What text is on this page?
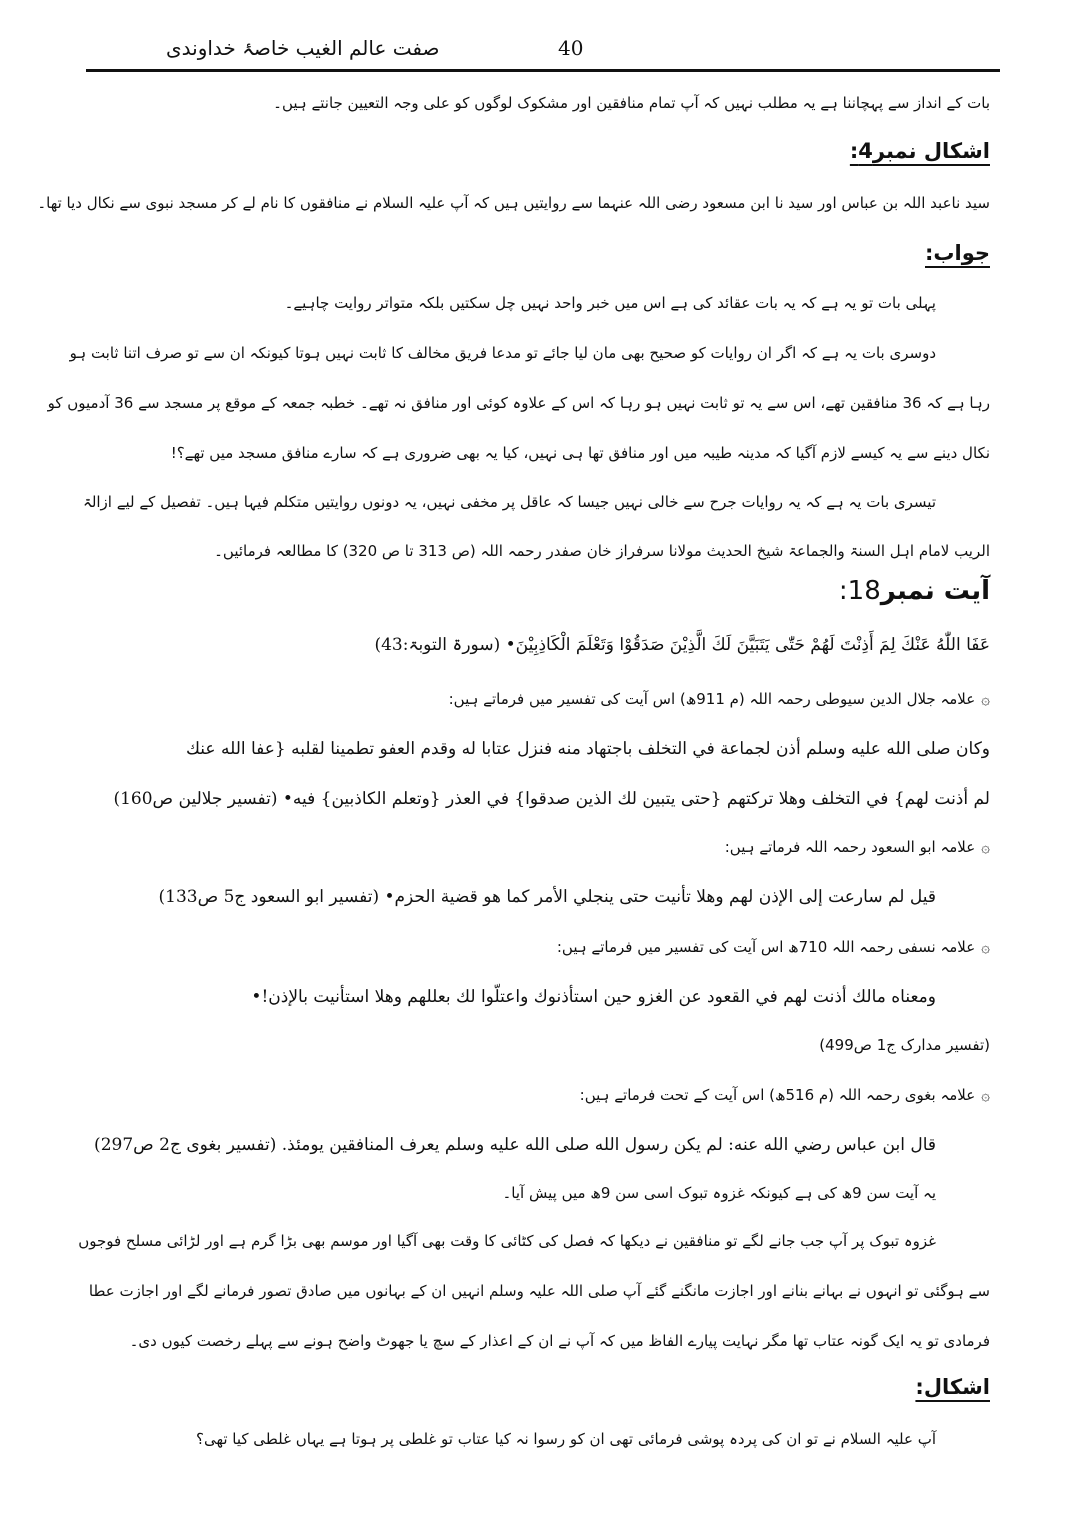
صفت عالم الغیب خاصۂ خداوندی	40
بات کے انداز سے پہچاننا ہے یہ مطلب نہیں کہ آپ تمام منافقین اور مشکوک لوگوں کو علی وجہ التعیین جانتے ہیں۔
اشکال نمبر4:
سید ناعبد اللہ بن عباس اور سید نا ابن مسعود رضی اللہ عنہما سے روایتیں ہیں کہ آپ علیہ السلام نے منافقوں کا نام لے کر مسجد نبوی سے نکال دیا تھا۔
جواب:
پہلی بات تو یہ ہے کہ یہ بات عقائد کی ہے اس میں خبر واحد نہیں چل سکتیں بلکہ متواتر روایت چاہیے۔
دوسری بات یہ ہے کہ اگر ان روایات کو صحیح بھی مان لیا جائے تو مدعا فریق مخالف کا ثابت نہیں ہوتا کیونکہ ان سے تو صرف اتنا ثابت ہو
رہا ہے کہ 36 منافقین تھے، اس سے یہ تو ثابت نہیں ہو رہا کہ اس کے علاوہ کوئی اور منافق نہ تھے۔ خطبہ جمعہ کے موقع پر مسجد سے 36 آدمیوں کو
نکال دینے سے یہ کیسے لازم آگیا کہ مدینہ طیبہ میں اور منافق تھا ہی نہیں، کیا یہ بھی ضروری ہے کہ سارے منافق مسجد میں تھے؟!
تیسری بات یہ ہے کہ یہ روایات جرح سے خالی نہیں جیسا کہ عاقل پر مخفی نہیں، یہ دونوں روایتیں متکلم فیہا ہیں۔ تفصیل کے لیے ازالۃ
الریب لامام اہل السنۃ والجماعۃ شیخ الحدیث مولانا سرفراز خان صفدر رحمہ اللہ (ص 313 تا ص 320) کا مطالعہ فرمائیں۔
آیت نمبر18:
عَفَا اللّٰهُ عَنْكَ لِمَ أَذِنْتَ لَهُمْ حَتّٰى يَتَبَيَّنَ لَكَ الَّذِيْنَ صَدَقُوْا وَتَعْلَمَ الْكَاذِبِيْنَ• (سورۃ التوبۃ:43)
۞علامہ جلال الدین سیوطی رحمہ اللہ (م 911ھ) اس آیت کی تفسیر میں فرماتے ہیں:
وكان صلى الله عليه وسلم أذن لجماعة في التخلف باجتهاد منه فنزل عتابا له وقدم العفو تطمينا لقلبه {عفا الله عنك
لم أذنت لهم} في التخلف وهلا تركتهم {حتى يتبين لك الذين صدقوا} في العذر {وتعلم الكاذبين} فيه• (تفسیر جلالین ص160)
۞علامہ ابو السعود رحمہ اللہ فرماتے ہیں:
قيل لم سارعت إلى الإذن لهم وهلا تأنيت حتى ينجلي الأمر كما هو قضية الحزم• (تفسیر ابو السعود ج5 ص133)
۞علامہ نسفی رحمہ اللہ 710ھ اس آیت کی تفسیر میں فرماتے ہیں:
ومعناه مالك أذنت لهم في القعود عن الغزو حين استأذنوك واعتلّوا لك بعللهم وهلا استأنيت بالإذن!•
(تفسیر مدارک ج1 ص499)
۞علامہ بغوی رحمہ اللہ (م 516ھ) اس آیت کے تحت فرماتے ہیں:
قال ابن عباس رضي الله عنه: لم يكن رسول الله صلى الله عليه وسلم يعرف المنافقين يومئذ. (تفسیر بغوی ج2 ص297)
یہ آیت سن 9ھ کی ہے کیونکہ غزوہ تبوک اسی سن 9ھ میں پیش آیا۔
غزوہ تبوک پر آپ جب جانے لگے تو منافقین نے دیکھا کہ فصل کی کٹائی کا وقت بھی آگیا اور موسم بھی بڑا گرم ہے اور لڑائی مسلح فوجوں
سے ہوگئی تو انہوں نے بہانے بنانے اور اجازت مانگنے گئے آپ صلی اللہ علیہ وسلم انہیں ان کے بہانوں میں صادق تصور فرمانے لگے اور اجازت عطا
فرمادی تو یہ ایک گونہ عتاب تھا مگر نہایت پیارے الفاظ میں کہ آپ نے ان کے اعذار کے سچ یا جھوٹ واضح ہونے سے پہلے رخصت کیوں دی۔
اشکال:
آپ علیہ السلام نے تو ان کی پردہ پوشی فرمائی تھی ان کو رسوا نہ کیا عتاب تو غلطی پر ہوتا ہے یہاں غلطی کیا تھی؟
